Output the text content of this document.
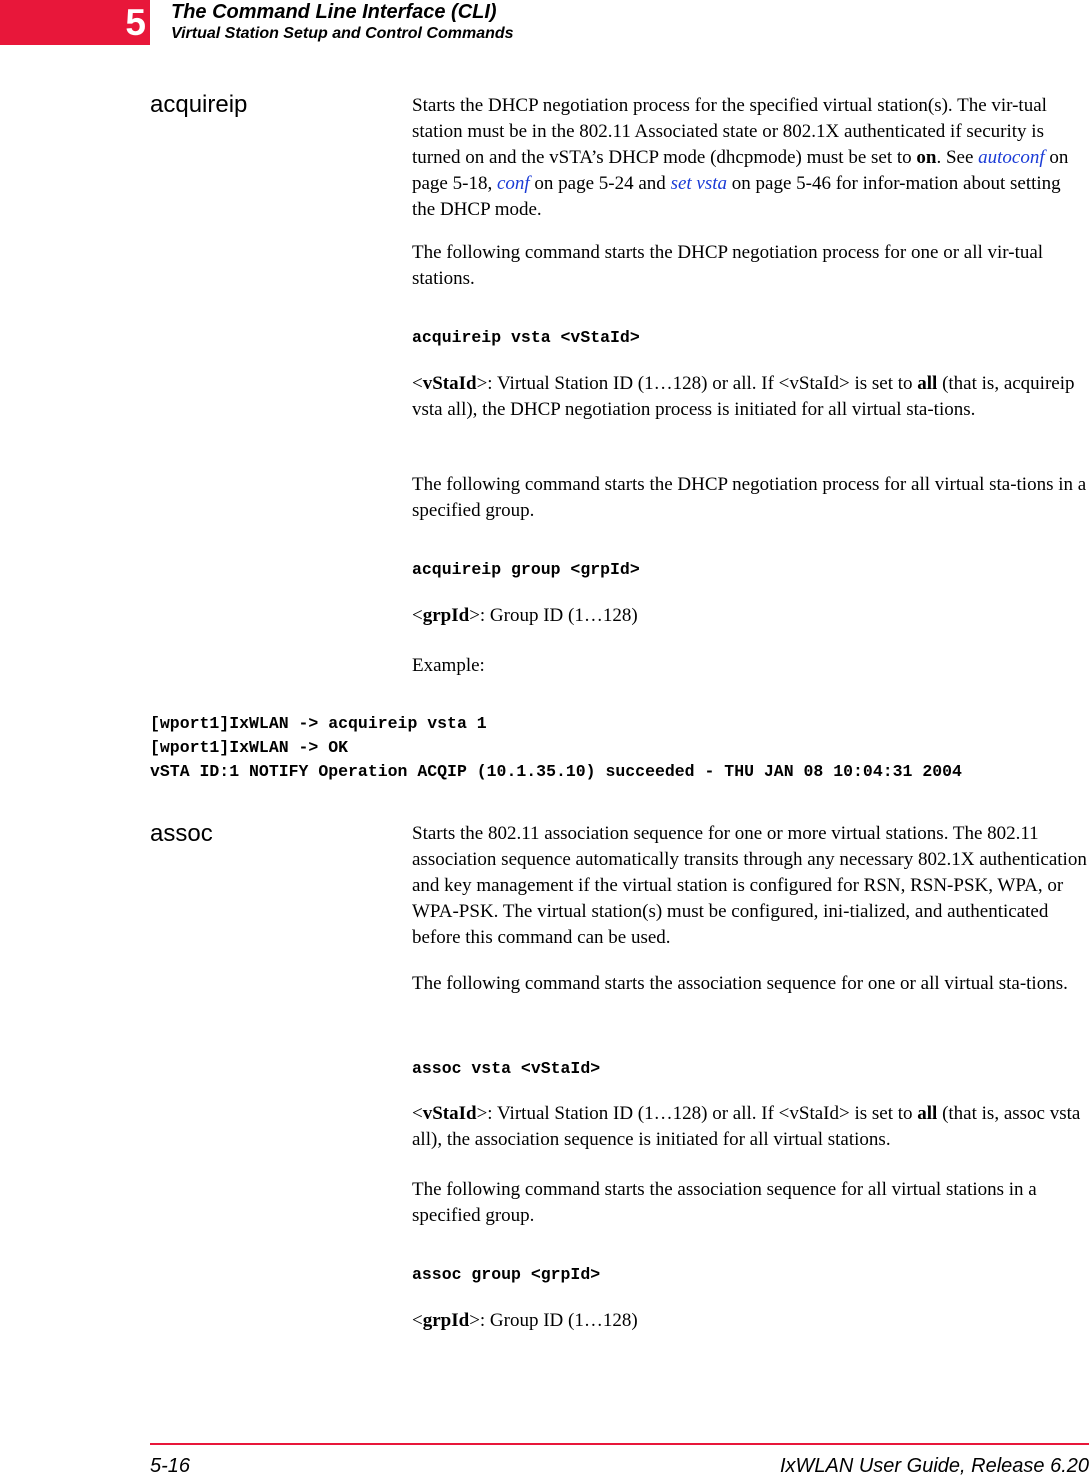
5 The Command Line Interface (CLI)
Virtual Station Setup and Control Commands
acquireip	Starts the DHCP negotiation process for the specified virtual station(s). The vir-tual station must be in the 802.11 Associated state or 802.1X authenticated if security is turned on and the vSTA’s DHCP mode (dhcpmode) must be set to on. See autoconf on page 5-18, conf on page 5-24 and set vsta on page 5-46 for infor-mation about setting the DHCP mode.
The following command starts the DHCP negotiation process for one or all vir-tual stations.
acquireip vsta <vStaId>
<vStaId>: Virtual Station ID (1…128) or all. If <vStaId> is set to all (that is, acquireip vsta all), the DHCP negotiation process is initiated for all virtual sta-tions.
The following command starts the DHCP negotiation process for all virtual sta-tions in a specified group.
acquireip group <grpId>
<grpId>: Group ID (1…128)
Example:
[wport1]IxWLAN -> acquireip vsta 1
[wport1]IxWLAN -> OK
vSTA ID:1 NOTIFY Operation ACQIP (10.1.35.10) succeeded - THU JAN 08 10:04:31 2004
assoc	Starts the 802.11 association sequence for one or more virtual stations. The 802.11 association sequence automatically transits through any necessary 802.1X authentication and key management if the virtual station is configured for RSN, RSN-PSK, WPA, or WPA-PSK. The virtual station(s) must be configured, ini-tialized, and authenticated before this command can be used.
The following command starts the association sequence for one or all virtual sta-tions.
assoc vsta <vStaId>
<vStaId>: Virtual Station ID (1…128) or all. If <vStaId> is set to all (that is, assoc vsta all), the association sequence is initiated for all virtual stations.
The following command starts the association sequence for all virtual stations in a specified group.
assoc group <grpId>
<grpId>: Group ID (1…128)
5-16	IxWLAN User Guide, Release 6.20
